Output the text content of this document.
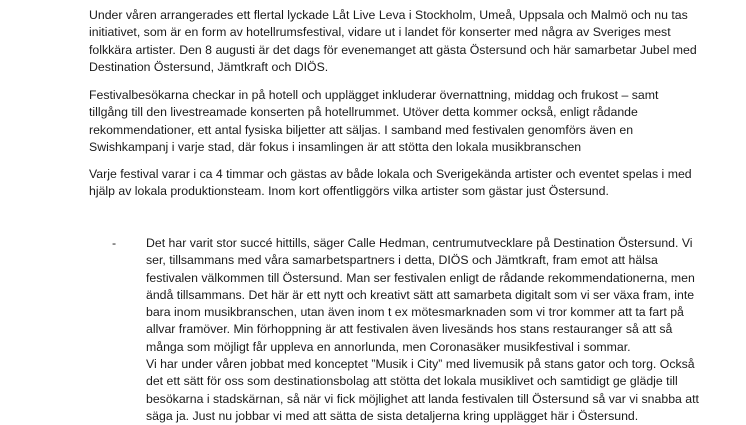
Under våren arrangerades ett flertal lyckade Låt Live Leva i Stockholm, Umeå, Uppsala och Malmö och nu tas
initiativet, som är en form av hotellrumsfestival, vidare ut i landet för konserter med några av Sveriges mest
folkkära artister. Den 8 augusti är det dags för evenemanget att gästa Östersund och här samarbetar Jubel med
Destination Östersund, Jämtkraft och DIÖS.

Festivalbesökarna checkar in på hotell och upplägget inkluderar övernattning, middag och frukost – samt
tillgång till den livestreamade konserten på hotellrummet. Utöver detta kommer också, enligt rådande
rekommendationer, ett antal fysiska biljetter att säljas. I samband med festivalen genomförs även en
Swishkampanj i varje stad, där fokus i insamlingen är att stötta den lokala musikbranschen

Varje festival varar i ca 4 timmar och gästas av både lokala och Sverigekända artister och eventet spelas i med
hjälp av lokala produktionsteam. Inom kort offentliggörs vilka artister som gästar just Östersund.

- Det har varit stor succé hittills, säger Calle Hedman, centrumutvecklare på Destination Östersund. Vi
ser, tillsammans med våra samarbetspartners i detta, DIÖS och Jämtkraft, fram emot att hälsa
festivalen välkommen till Östersund. Man ser festivalen enligt de rådande rekommendationerna, men
ändå tillsammans. Det här är ett nytt och kreativt sätt att samarbeta digitalt som vi ser växa fram, inte
bara inom musikbranschen, utan även inom t ex mötesmarknaden som vi tror kommer att ta fart på
allvar framöver. Min förhoppning är att festivalen även livesänds hos stans restauranger så att så
många som möjligt får uppleva en annorlunda, men Coronasäker musikfestival i sommar.
Vi har under våren jobbat med konceptet ”Musik i City” med livemusik på stans gator och torg. Också
det ett sätt för oss som destinationsbolag att stötta det lokala musiklivet och samtidigt ge glädje till
besökarna i stadskärnan, så när vi fick möjlighet att landa festivalen till Östersund så var vi snabba att
säga ja. Just nu jobbar vi med att sätta de sista detaljerna kring upplägget här i Östersund.
